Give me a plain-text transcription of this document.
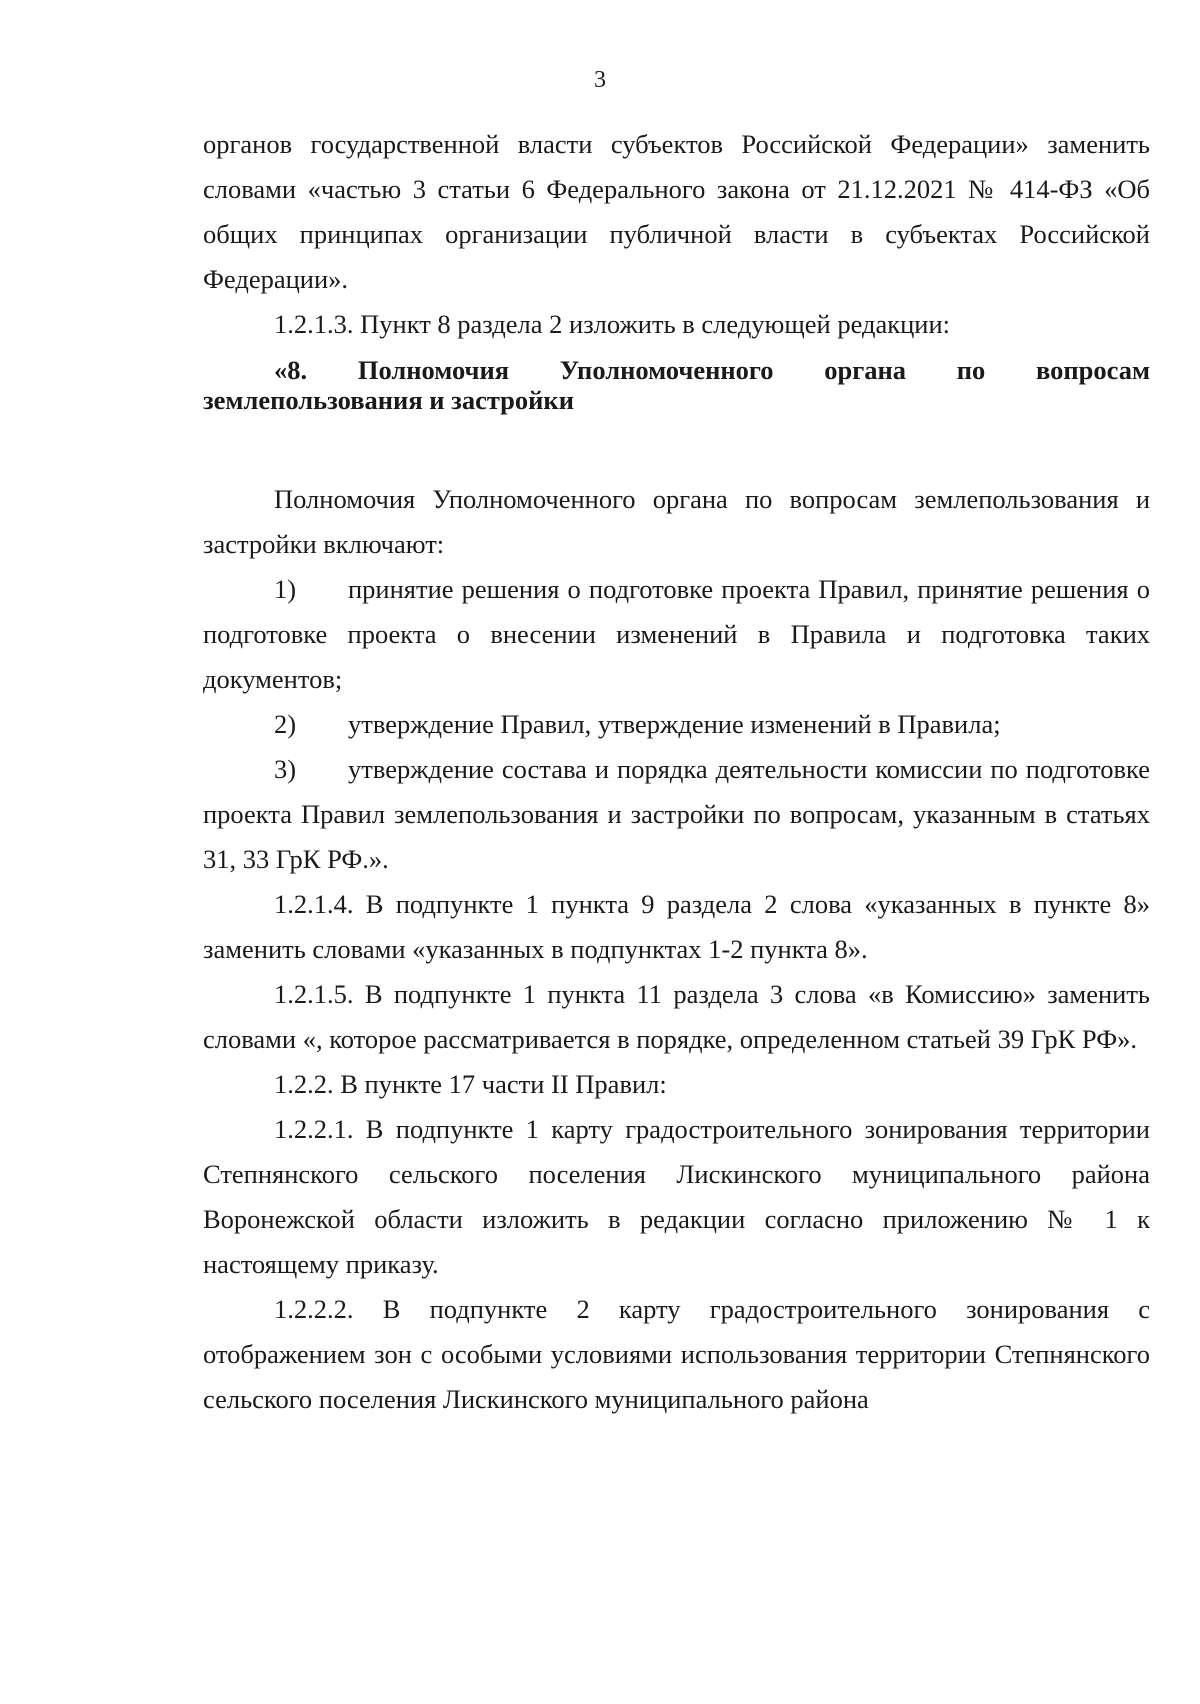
3

органов государственной власти субъектов Российской Федерации» заменить словами «частью 3 статьи 6 Федерального закона от 21.12.2021 № 414-ФЗ «Об общих принципах организации публичной власти в субъектах Российской Федерации».

1.2.1.3. Пункт 8 раздела 2 изложить в следующей редакции:

«8. Полномочия Уполномоченного органа по вопросам землепользования и застройки

Полномочия Уполномоченного органа по вопросам землепользования и застройки включают:

1) принятие решения о подготовке проекта Правил, принятие решения о подготовке проекта о внесении изменений в Правила и подготовка таких документов;

2) утверждение Правил, утверждение изменений в Правила;

3) утверждение состава и порядка деятельности комиссии по подготовке проекта Правил землепользования и застройки по вопросам, указанным в статьях 31, 33 ГрК РФ.».

1.2.1.4. В подпункте 1 пункта 9 раздела 2 слова «указанных в пункте 8» заменить словами «указанных в подпунктах 1-2 пункта 8».

1.2.1.5. В подпункте 1 пункта 11 раздела 3 слова «в Комиссию» заменить словами «, которое рассматривается в порядке, определенном статьей 39 ГрК РФ».

1.2.2. В пункте 17 части II Правил:

1.2.2.1. В подпункте 1 карту градостроительного зонирования территории Степнянского сельского поселения Лискинского муниципального района Воронежской области изложить в редакции согласно приложению № 1 к настоящему приказу.

1.2.2.2. В подпункте 2 карту градостроительного зонирования с отображением зон с особыми условиями использования территории Степнянского сельского поселения Лискинского муниципального района
